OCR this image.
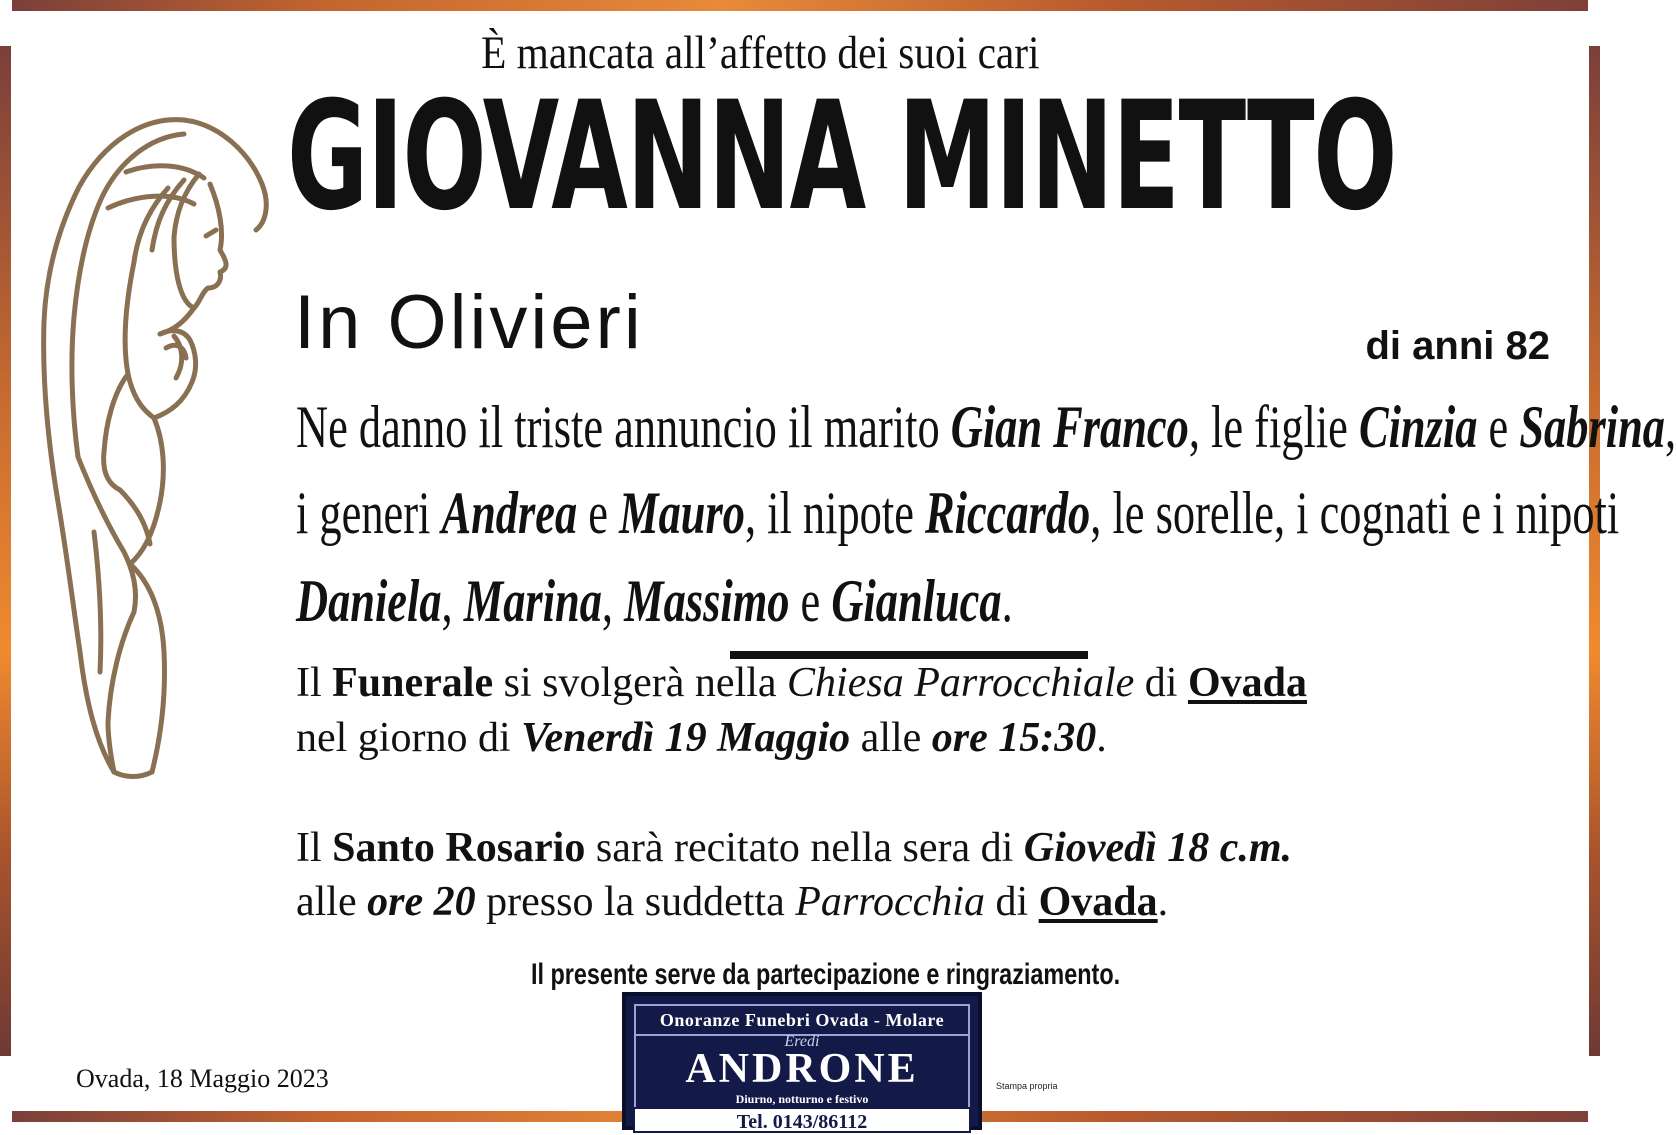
È mancata all’affetto dei suoi cari
GIOVANNA MINETTO
In Olivieri	di anni 82
Ne danno il triste annuncio il marito Gian Franco, le figlie Cinzia e Sabrina,
i generi Andrea e Mauro, il nipote Riccardo, le sorelle, i cognati e i nipoti
Daniela, Marina, Massimo e Gianluca.
Il Funerale si svolgerà nella Chiesa Parrocchiale di Ovada
nel giorno di Venerdì 19 Maggio alle ore 15:30.
Il Santo Rosario sarà recitato nella sera di Giovedì 18 c.m.
alle ore 20 presso la suddetta Parrocchia di Ovada.
Il presente serve da partecipazione e ringraziamento.
Ovada, 18 Maggio 2023
Onoranze Funebri Ovada - Molare
Eredi
ANDRONE
Diurno, notturno e festivo
Tel. 0143/86112
Stampa propria
